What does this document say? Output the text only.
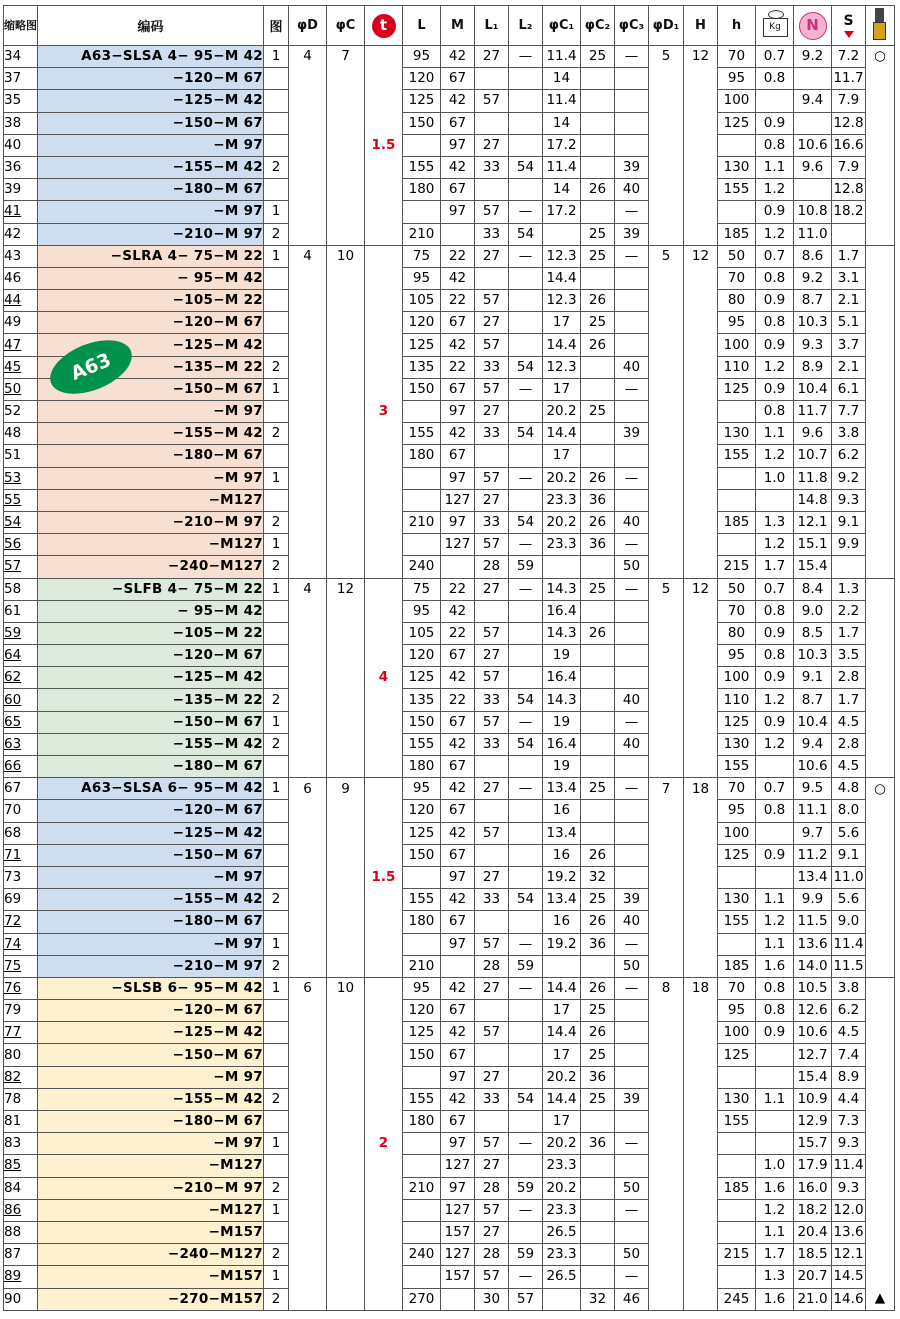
缩略图	编码	图	φD	φC	t	L	M	L₁	L₂	φC₁	φC₂	φC₃	φD₁	H	h	Kg	N	S

34	A63−SLSA 4− 95−M 42	1	4	7		95	42	27	—	11.4	25	—	5	12	70	0.7	9.2	7.2	○
37	−120−M 67					120	67			14					95	0.8		11.7	
35	−125−M 42					125	42	57		11.4					100		9.4	7.9	
38	−150−M 67					150	67			14					125	0.9		12.8	
40	−M 97				1.5		97	27		17.2						0.8	10.6	16.6	
36	−155−M 42	2				155	42	33	54	11.4		39			130	1.1	9.6	7.9	
39	−180−M 67					180	67			14	26	40			155	1.2		12.8	
41	−M 97	1					97	57	—	17.2		—				0.9	10.8	18.2	
42	−210−M 97	2				210		33	54		25	39			185	1.2	11.0		
43	−SLRA 4− 75−M 22	1	4	10		75	22	27	—	12.3	25	—	5	12	50	0.7	8.6	1.7	
46	− 95−M 42					95	42			14.4					70	0.8	9.2	3.1	
44	−105−M 22					105	22	57		12.3	26				80	0.9	8.7	2.1	
49	−120−M 67					120	67	27		17	25				95	0.8	10.3	5.1	
47	−125−M 42					125	42	57		14.4	26				100	0.9	9.3	3.7	
45	−135−M 22	2				135	22	33	54	12.3		40			110	1.2	8.9	2.1	
50	−150−M 67	1				150	67	57	—	17		—			125	0.9	10.4	6.1	
52	−M 97				3		97	27		20.2	25					0.8	11.7	7.7	
48	−155−M 42	2				155	42	33	54	14.4		39			130	1.1	9.6	3.8	
51	−180−M 67					180	67			17					155	1.2	10.7	6.2	
53	−M 97	1					97	57	—	20.2	26	—				1.0	11.8	9.2	
55	−M127						127	27		23.3	36						14.8	9.3	
54	−210−M 97	2				210	97	33	54	20.2	26	40			185	1.3	12.1	9.1	
56	−M127	1					127	57	—	23.3	36	—				1.2	15.1	9.9	
57	−240−M127	2				240		28	59			50			215	1.7	15.4		
58	−SLFB 4− 75−M 22	1	4	12		75	22	27	—	14.3	25	—	5	12	50	0.7	8.4	1.3	
61	− 95−M 42					95	42			16.4					70	0.8	9.0	2.2	
59	−105−M 22					105	22	57		14.3	26				80	0.9	8.5	1.7	
64	−120−M 67					120	67	27		19					95	0.8	10.3	3.5	
62	−125−M 42				4	125	42	57		16.4					100	0.9	9.1	2.8	
60	−135−M 22	2				135	22	33	54	14.3		40			110	1.2	8.7	1.7	
65	−150−M 67	1				150	67	57	—	19		—			125	0.9	10.4	4.5	
63	−155−M 42	2				155	42	33	54	16.4		40			130	1.2	9.4	2.8	
66	−180−M 67					180	67			19					155		10.6	4.5	
67	A63−SLSA 6− 95−M 42	1	6	9		95	42	27	—	13.4	25	—	7	18	70	0.7	9.5	4.8	○
70	−120−M 67					120	67			16					95	0.8	11.1	8.0	
68	−125−M 42					125	42	57		13.4					100		9.7	5.6	
71	−150−M 67					150	67			16	26				125	0.9	11.2	9.1	
73	−M 97				1.5		97	27		19.2	32						13.4	11.0	
69	−155−M 42	2				155	42	33	54	13.4	25	39			130	1.1	9.9	5.6	
72	−180−M 67					180	67			16	26	40			155	1.2	11.5	9.0	
74	−M 97	1					97	57	—	19.2	36	—				1.1	13.6	11.4	
75	−210−M 97	2				210		28	59			50			185	1.6	14.0	11.5	
76	−SLSB 6− 95−M 42	1	6	10		95	42	27	—	14.4	26	—	8	18	70	0.8	10.5	3.8	
79	−120−M 67					120	67			17	25				95	0.8	12.6	6.2	
77	−125−M 42					125	42	57		14.4	26				100	0.9	10.6	4.5	
80	−150−M 67					150	67			17	25				125		12.7	7.4	
82	−M 97						97	27		20.2	36						15.4	8.9	
78	−155−M 42	2				155	42	33	54	14.4	25	39			130	1.1	10.9	4.4	
81	−180−M 67					180	67			17					155		12.9	7.3	
83	−M 97	1			2		97	57	—	20.2	36	—					15.7	9.3	
85	−M127						127	27		23.3						1.0	17.9	11.4	
84	−210−M 97	2				210	97	28	59	20.2		50			185	1.6	16.0	9.3	
86	−M127	1					127	57	—	23.3		—				1.2	18.2	12.0	
88	−M157						157	27		26.5						1.1	20.4	13.6	
87	−240−M127	2				240	127	28	59	23.3		50			215	1.7	18.5	12.1	
89	−M157	1					157	57	—	26.5		—				1.3	20.7	14.5	
90	−270−M157	2				270		30	57		32	46			245	1.6	21.0	14.6	▲
A63
